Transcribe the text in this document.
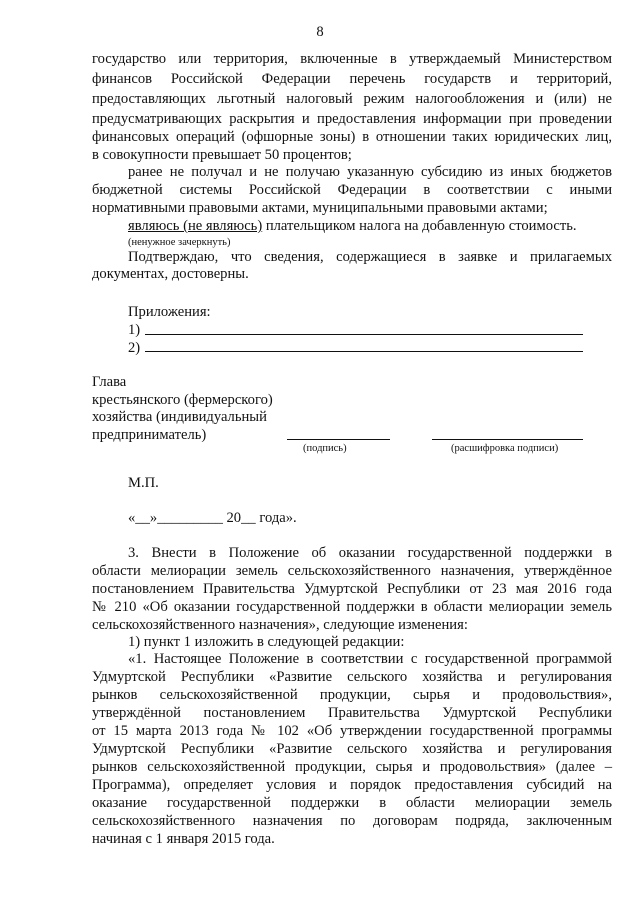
8
государство или территория, включенные в утверждаемый Министерством
финансов Российской Федерации перечень государств и территорий,
предоставляющих льготный налоговый режим налогообложения и (или) не
предусматривающих раскрытия и предоставления информации при проведении
финансовых операций (офшорные зоны) в отношении таких юридических лиц,
в совокупности превышает 50 процентов;
ранее не получал и не получаю указанную субсидию из иных бюджетов
бюджетной системы Российской Федерации в соответствии с иными
нормативными правовыми актами, муниципальными правовыми актами;
являюсь (не являюсь) плательщиком налога на добавленную стоимость.
(ненужное зачеркнуть)
Подтверждаю, что сведения, содержащиеся в заявке и прилагаемых
документах, достоверны.
Приложения:
1)
2)
Глава
крестьянского (фермерского)
хозяйства (индивидуальный
предприниматель)
(подпись)	(расшифровка подписи)
М.П.
«__»_________ 20__ года».
3. Внести в Положение об оказании государственной поддержки в
области мелиорации земель сельскохозяйственного назначения, утверждённое
постановлением Правительства Удмуртской Республики от 23 мая 2016 года
№ 210 «Об оказании государственной поддержки в области мелиорации земель
сельскохозяйственного назначения», следующие изменения:
1) пункт 1 изложить в следующей редакции:
«1. Настоящее Положение в соответствии с государственной программой
Удмуртской Республики «Развитие сельского хозяйства и регулирования
рынков сельскохозяйственной продукции, сырья и продовольствия»,
утверждённой постановлением Правительства Удмуртской Республики
от 15 марта 2013 года № 102 «Об утверждении государственной программы
Удмуртской Республики «Развитие сельского хозяйства и регулирования
рынков сельскохозяйственной продукции, сырья и продовольствия» (далее –
Программа), определяет условия и порядок предоставления субсидий на
оказание государственной поддержки в области мелиорации земель
сельскохозяйственного назначения по договорам подряда, заключенным
начиная с 1 января 2015 года.
